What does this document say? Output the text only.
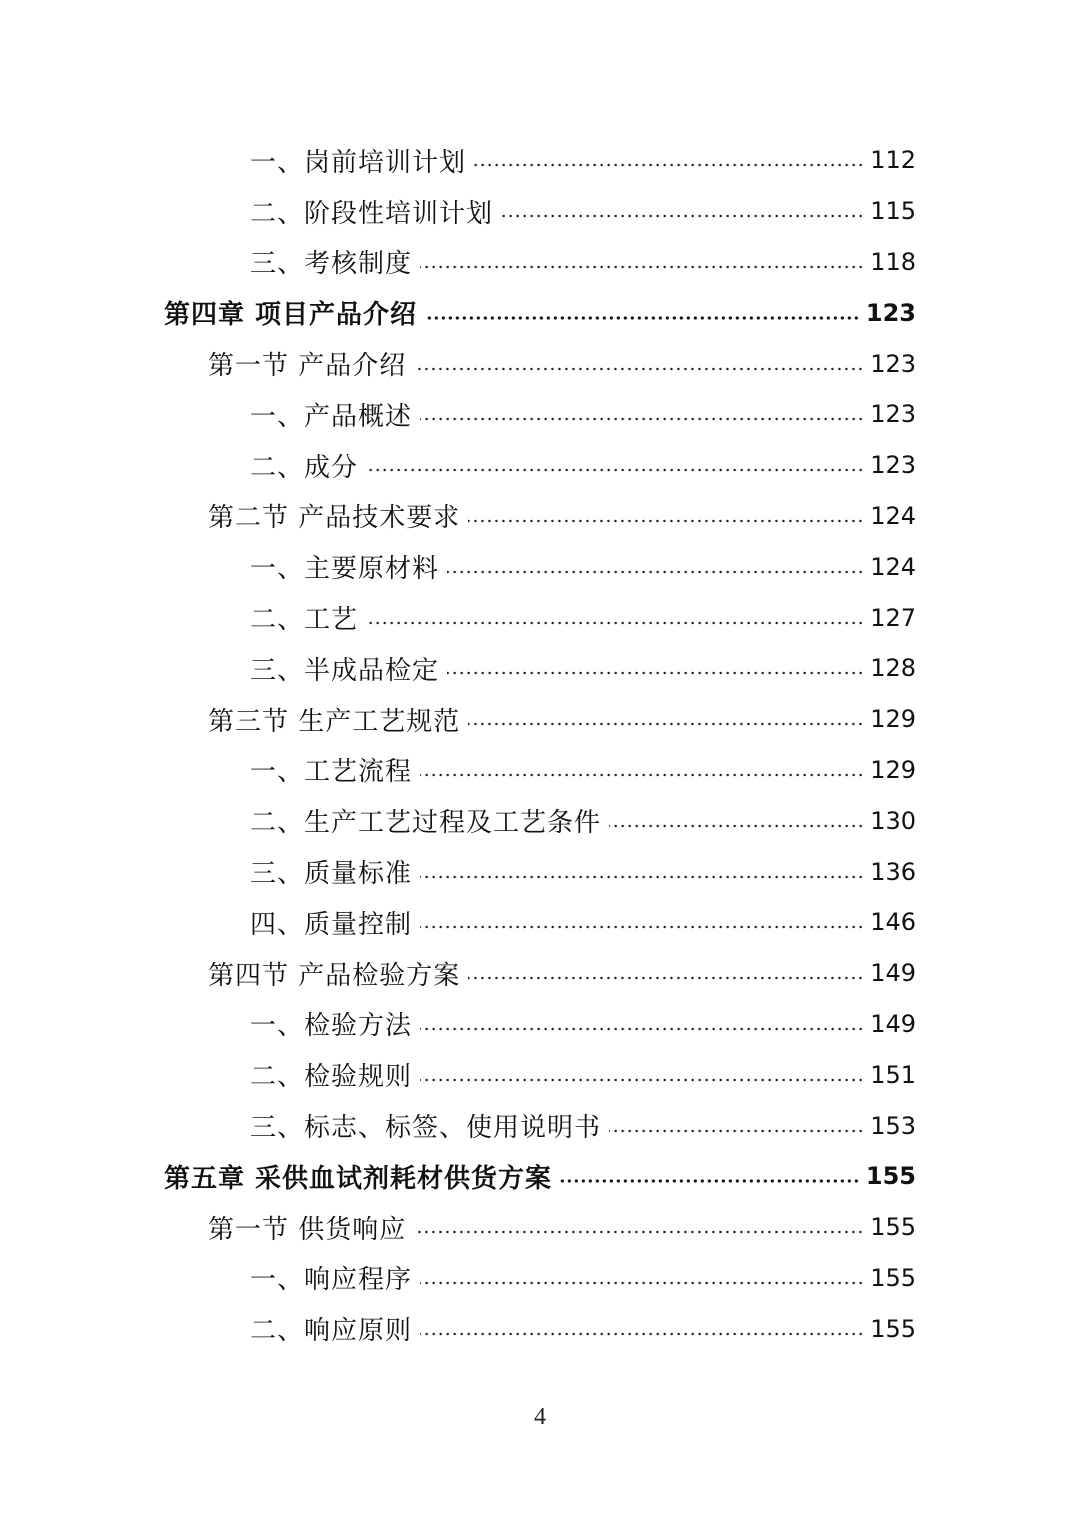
一、岗前培训计划	112
二、阶段性培训计划	115
三、考核制度	118
第四章 项目产品介绍	123
第一节 产品介绍	123
一、产品概述	123
二、成分	123
第二节 产品技术要求	124
一、主要原材料	124
二、工艺	127
三、半成品检定	128
第三节 生产工艺规范	129
一、工艺流程	129
二、生产工艺过程及工艺条件	130
三、质量标准	136
四、质量控制	146
第四节 产品检验方案	149
一、检验方法	149
二、检验规则	151
三、标志、标签、使用说明书	153
第五章 采供血试剂耗材供货方案	155
第一节 供货响应	155
一、响应程序	155
二、响应原则	155
4
